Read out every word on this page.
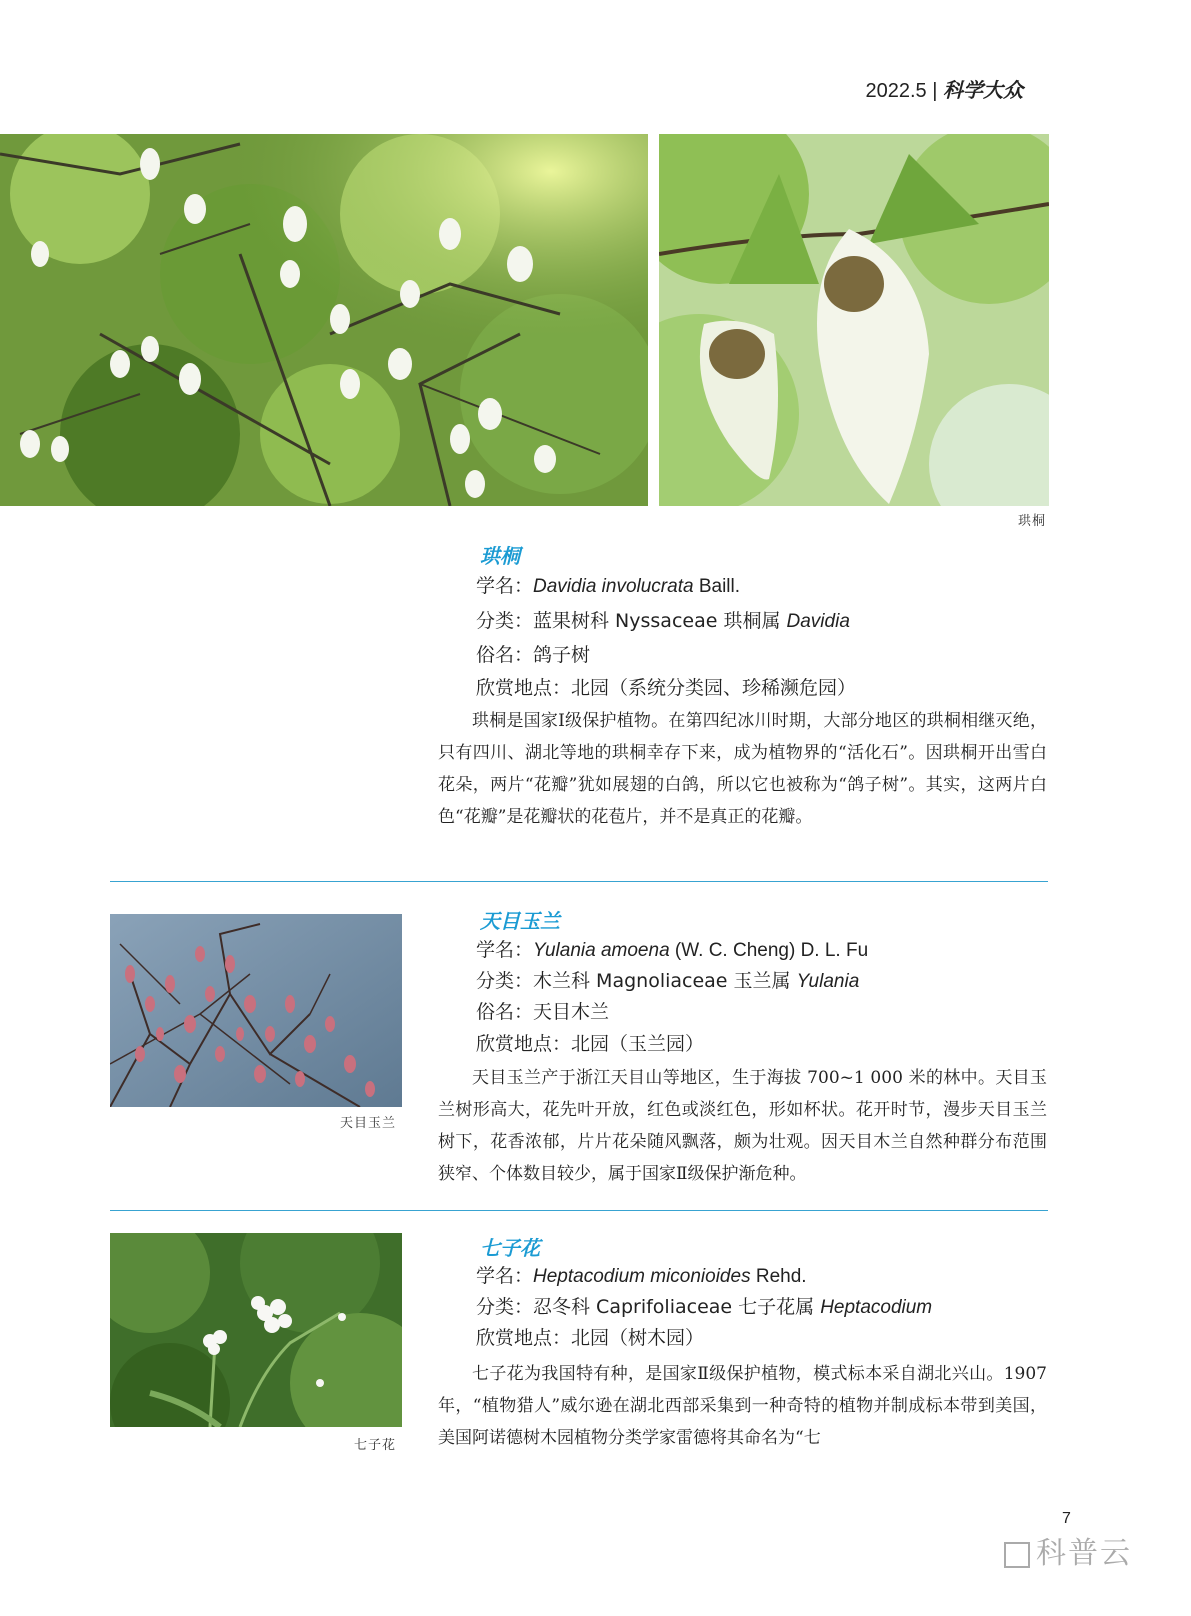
2022.5 | 科学大众
珙桐
珙桐
学名：Davidia involucrata Baill.
分类：蓝果树科 Nyssaceae 珙桐属 Davidia
俗名：鸽子树
欣赏地点：北园（系统分类园、珍稀濒危园）
珙桐是国家Ⅰ级保护植物。在第四纪冰川时期，大部分地区的珙桐相继灭绝，只有四川、湖北等地的珙桐幸存下来，成为植物界的“活化石”。因珙桐开出雪白花朵，两片“花瓣”犹如展翅的白鸽，所以它也被称为“鸽子树”。其实，这两片白色“花瓣”是花瓣状的花苞片，并不是真正的花瓣。
天目玉兰
天目玉兰
学名：Yulania amoena (W. C. Cheng) D. L. Fu
分类：木兰科 Magnoliaceae 玉兰属 Yulania
俗名：天目木兰
欣赏地点：北园（玉兰园）
天目玉兰产于浙江天目山等地区，生于海拔 700~1 000 米的林中。天目玉兰树形高大，花先叶开放，红色或淡红色，形如杯状。花开时节，漫步天目玉兰树下，花香浓郁，片片花朵随风飘落，颇为壮观。因天目木兰自然种群分布范围狭窄、个体数目较少，属于国家Ⅱ级保护渐危种。
七子花
七子花
学名：Heptacodium miconioides Rehd.
分类：忍冬科 Caprifoliaceae 七子花属 Heptacodium
欣赏地点：北园（树木园）
七子花为我国特有种，是国家Ⅱ级保护植物，模式标本采自湖北兴山。1907 年，“植物猎人”威尔逊在湖北西部采集到一种奇特的植物并制成标本带到美国，美国阿诺德树木园植物分类学家雷德将其命名为“七
7
科普云
